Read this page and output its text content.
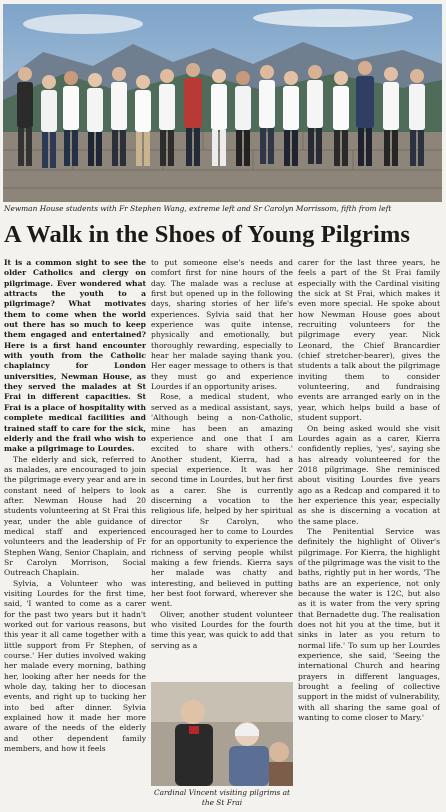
Newman House students with Fr Stephen Wang, extreme left and Sr Carolyn Morrissom, fifth from left
A Walk in the Shoes of Young Pilgrims

It is a common sight to see the older Catholics and clergy on pilgrimage. Ever wondered what attracts the youth to a pilgrimage? What motivates them to come when the world out there has so much to keep them engaged and entertained? Here is a first hand encounter with youth from the Catholic chaplaincy for London universities, Newman House, as they served the malades at St Frai in different capacities. St Frai is a place of hospitality with complete medical facilities and trained staff to care for the sick, elderly and the frail who wish to make a pilgrimage to Lourdes.

The elderly and sick, referred to as malades, are encouraged to join the pilgrimage every year and are in constant need of helpers to look after. Newman House had 20 students volunteering at St Frai this year, under the able guidance of medical staff and experienced volunteers and the leadership of Fr Stephen Wang, Senior Chaplain, and Sr Carolyn Morrison, Social Outreach Chaplain.

Sylvia, a Volunteer who was visiting Lourdes for the first time, said, 'I wanted to come as a carer for the past two years but it hadn't worked out for various reasons, but this year it all came together with a little support from Fr Stephen, of course.' Her duties involved waking her malade every morning, bathing her, looking after her needs for the whole day, taking her to diocesan events, and right up to tucking her into bed after dinner. Sylvia explained how it made her more aware of the needs of the elderly and other dependent family members, and how it feels

to put someone else's needs and comfort first for nine hours of the day. The malade was a recluse at first but opened up in the following days, sharing stories of her life's experiences. Sylvia said that her experience was quite intense, physically and emotionally, but thoroughly rewarding, especially to hear her malade saying thank you. Her eager message to others is that they must go and experience Lourdes if an opportunity arises.

Rose, a medical student, who served as a medical assistant, says, 'Although being a non-Catholic, mine has been an amazing experience and one that I am excited to share with others.' Another student, Kierra, had a special experience. It was her second time in Lourdes, but her first as a carer. She is currently discerning a vocation to the religious life, helped by her spiritual director Sr Carolyn, who encouraged her to come to Lourdes for an opportunity to experience the richness of serving people whilst making a few friends. Kierra says her malade was chatty and interesting, and believed in putting her best foot forward, wherever she went.

Oliver, another student volunteer who visited Lourdes for the fourth time this year, was quick to add that serving as a

Cardinal Vincent visiting pilgrims at the St Frai

carer for the last three years, he feels a part of the St Frai family especially with the Cardinal visiting the sick at St Frai, which makes it even more special. He spoke about how Newman House goes about recruiting volunteers for the pilgrimage every year. Nick Leonard, the Chief Brancardier (chief stretcher-bearer), gives the students a talk about the pilgrimage inviting them to consider volunteering, and fundraising events are arranged early on in the year, which helps build a base of student support.

On being asked would she visit Lourdes again as a carer, Kierra confidently replies, 'yes', saying she has already volunteered for the 2018 pilgrimage. She reminisced about visiting Lourdes five years ago as a Redcap and compared it to her experience this year, especially as she is discerning a vocation at the same place.

The Penitential Service was definitely the highlight of Oliver's pilgrimage. For Kierra, the highlight of the pilgrimage was the visit to the baths, rightly put in her words, 'The baths are an experience, not only because the water is 12C, but also as it is water from the very spring that Bernadette dug. The realisation does not hit you at the time, but it sinks in later as you return to normal life.' To sum up her Lourdes experience, she said, 'Seeing the international Church and hearing prayers in different languages, brought a feeling of collective support in the midst of vulnerability, with all sharing the same goal of wanting to come closer to Mary.'
